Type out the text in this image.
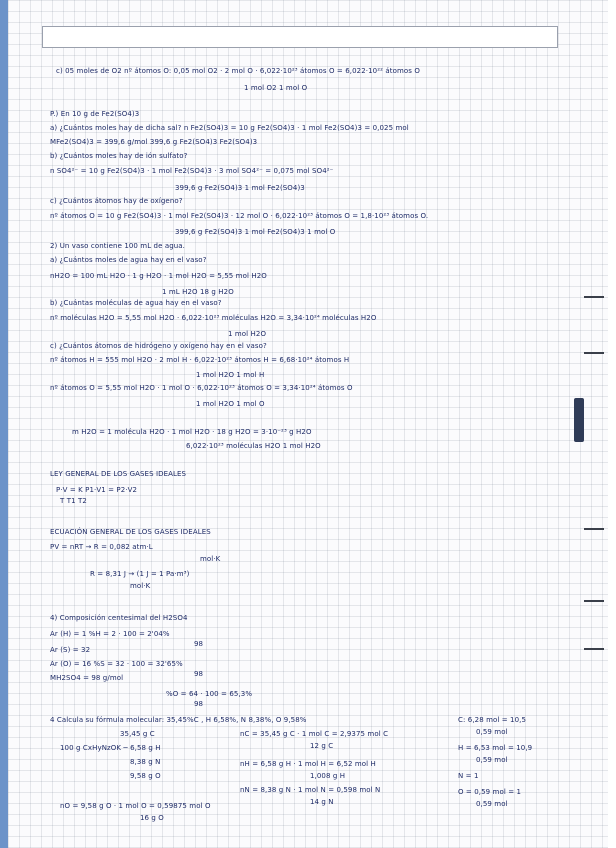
c) 05 moles de O2 nº átomos O: 0,05 mol O2 · 2 mol O · 6,022·10²³ átomos O = 6,022·10²² átomos O
1 mol O2 1 mol O
P.) En 10 g de Fe2(SO4)3
a) ¿Cuántos moles hay de dicha sal? n Fe2(SO4)3 = 10 g Fe2(SO4)3 · 1 mol Fe2(SO4)3 = 0,025 mol
MFe2(SO4)3 = 399,6 g/mol 399,6 g Fe2(SO4)3 Fe2(SO4)3
b) ¿Cuántos moles hay de ión sulfato?
n SO4²⁻ = 10 g Fe2(SO4)3 · 1 mol Fe2(SO4)3 · 3 mol SO4²⁻ = 0,075 mol SO4²⁻
399,6 g Fe2(SO4)3 1 mol Fe2(SO4)3
c) ¿Cuántos átomos hay de oxígeno?
nº átomos O = 10 g Fe2(SO4)3 · 1 mol Fe2(SO4)3 · 12 mol O · 6,022·10²³ átomos O = 1,8·10²³ átomos O.
399,6 g Fe2(SO4)3 1 mol Fe2(SO4)3 1 mol O
2) Un vaso contiene 100 mL de agua.
a) ¿Cuántos moles de agua hay en el vaso?
nH2O = 100 mL H2O · 1 g H2O · 1 mol H2O = 5,55 mol H2O
1 mL H2O 18 g H2O
b) ¿Cuántas moléculas de agua hay en el vaso?
nº moléculas H2O = 5,55 mol H2O · 6,022·10²³ moléculas H2O = 3,34·10²⁴ moléculas H2O
1 mol H2O
c) ¿Cuántos átomos de hidrógeno y oxígeno hay en el vaso?
nº átomos H = 555 mol H2O · 2 mol H · 6,022·10²³ átomos H = 6,68·10²⁴ átomos H
1 mol H2O 1 mol H
nº átomos O = 5,55 mol H2O · 1 mol O · 6,022·10²³ átomos O = 3,34·10²⁴ átomos O
1 mol H2O 1 mol O
m H2O = 1 molécula H2O · 1 mol H2O · 18 g H2O = 3·10⁻²³ g H2O
6,022·10²³ moléculas H2O 1 mol H2O
LEY GENERAL DE LOS GASES IDEALES
P·V = K P1·V1 = P2·V2
T T1 T2
ECUACIÓN GENERAL DE LOS GASES IDEALES
PV = nRT → R = 0,082 atm·L
mol·K
R = 8,31 J → (1 J = 1 Pa·m³)
mol·K
4) Composición centesimal del H2SO4
Ar (H) = 1 %H = 2 · 100 = 2'04%
98
Ar (S) = 32
Ar (O) = 16 %S = 32 · 100 = 32'65%
98
MH2SO4 = 98 g/mol
%O = 64 · 100 = 65,3%
98
4 Calcula su fórmula molecular: 35,45%C , H 6,58%, N 8,38%, O 9,58%
35,45 g C
100 g CxHyNzOK ─ 6,58 g H
8,38 g N
9,58 g O
nC = 35,45 g C · 1 mol C = 2,9375 mol C
12 g C
nH = 6,58 g H · 1 mol H = 6,52 mol H
1,008 g H
nN = 8,38 g N · 1 mol N = 0,598 mol N
14 g N
nO = 9,58 g O · 1 mol O = 0,59875 mol O
16 g O
C: 6,28 mol = 10,5
0,59 mol
H = 6,53 mol = 10,9
0,59 mol
N = 1
O = 0,59 mol = 1
0,59 mol
